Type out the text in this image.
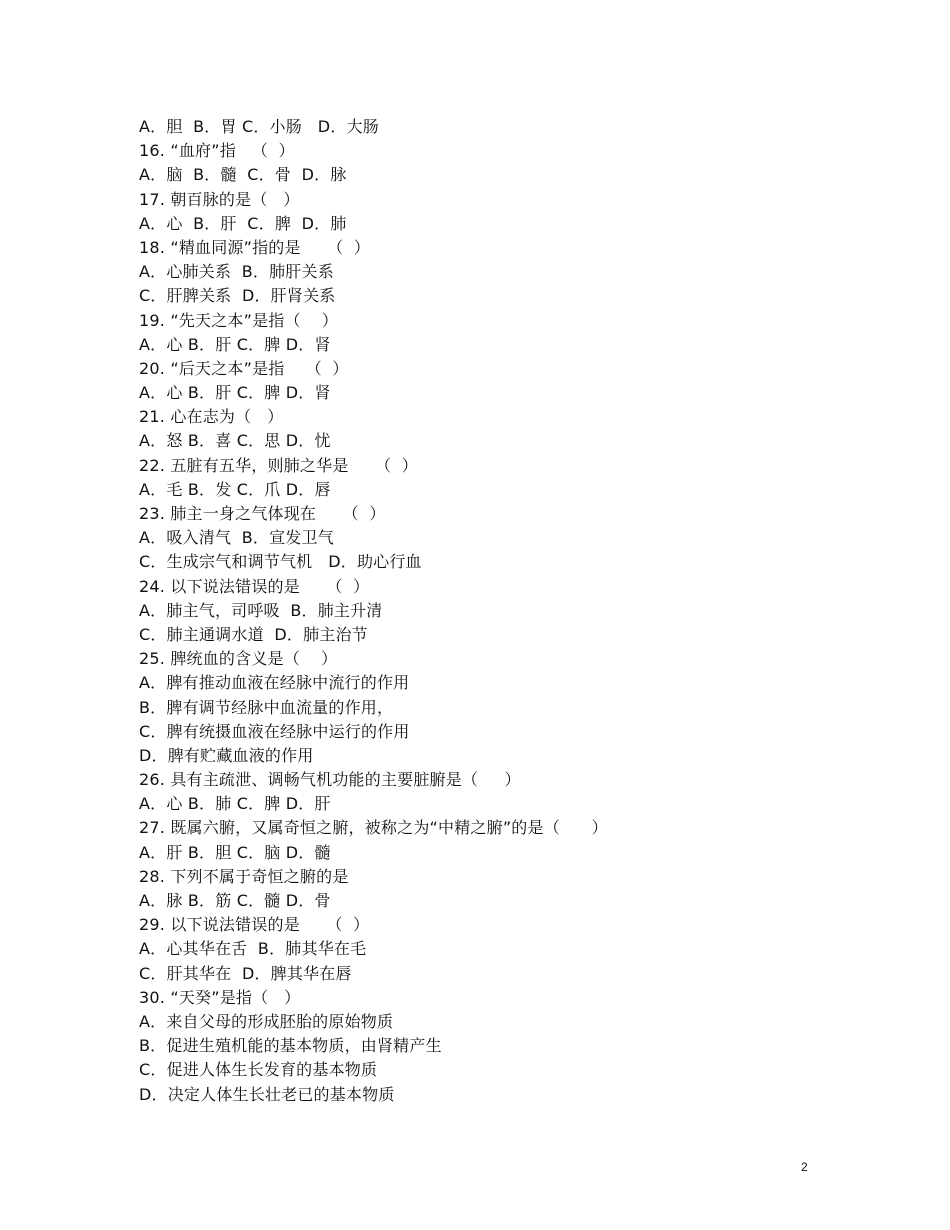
A．胆  B．胃 C．小肠   D．大肠
16. “血府”指   （  ）
A．脑  B．髓  C．骨  D．脉
17. 朝百脉的是（   ）
A．心  B．肝  C．脾  D．肺
18. “精血同源”指的是     （  ）
A．心肺关系  B．肺肝关系
C．肝脾关系  D．肝肾关系
19. “先天之本”是指（    ）
A．心 B．肝 C．脾 D．肾
20. “后天之本”是指    （  ）
A．心 B．肝 C．脾 D．肾
21. 心在志为（   ）
A．怒 B．喜 C．思 D．忧
22. 五脏有五华，则肺之华是     （  ）
A．毛 B．发 C．爪 D．唇
23. 肺主一身之气体现在     （  ）
A．吸入清气  B．宣发卫气
C．生成宗气和调节气机   D．助心行血
24. 以下说法错误的是     （  ）
A．肺主气，司呼吸  B．肺主升清
C．肺主通调水道  D．肺主治节
25. 脾统血的含义是（    ）
A．脾有推动血液在经脉中流行的作用
B．脾有调节经脉中血流量的作用，
C．脾有统摄血液在经脉中运行的作用
D．脾有贮藏血液的作用
26. 具有主疏泄、调畅气机功能的主要脏腑是（     ）
A．心 B．肺 C．脾 D．肝
27. 既属六腑，又属奇恒之腑，被称之为“中精之腑”的是（      ）
A．肝 B．胆 C．脑 D．髓
28. 下列不属于奇恒之腑的是
A．脉 B．筋 C．髓 D．骨
29. 以下说法错误的是     （  ）
A．心其华在舌  B．肺其华在毛
C．肝其华在  D．脾其华在唇
30. “天癸”是指（   ）
A．来自父母的形成胚胎的原始物质
B．促进生殖机能的基本物质，由肾精产生
C．促进人体生长发育的基本物质
D．决定人体生长壮老已的基本物质
2
